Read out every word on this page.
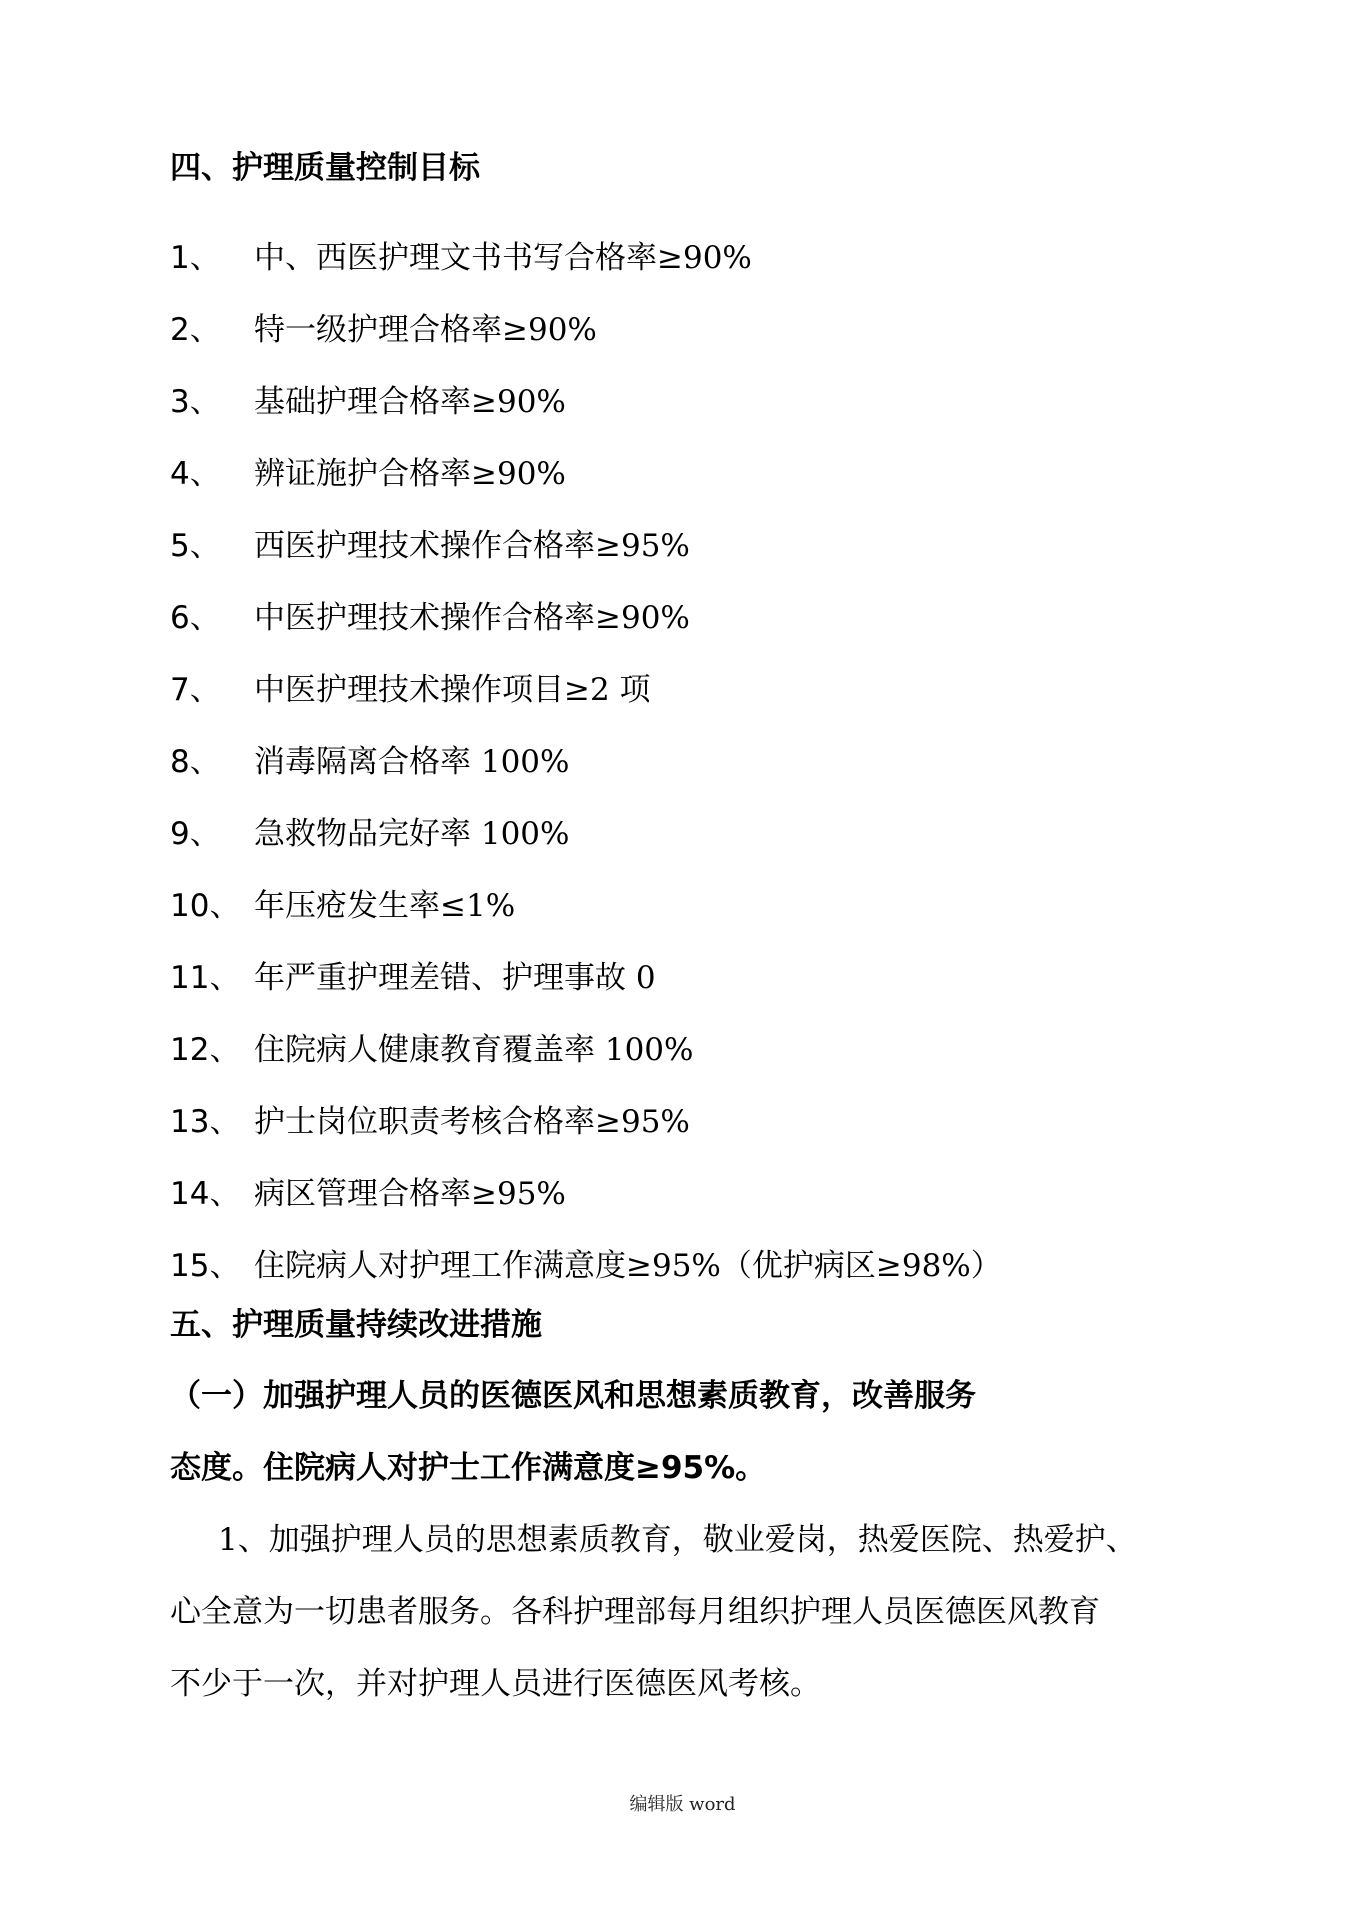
四、护理质量控制目标
1、	中、西医护理文书书写合格率≥90%
2、	特一级护理合格率≥90%
3、	基础护理合格率≥90%
4、	辨证施护合格率≥90%
5、	西医护理技术操作合格率≥95%
6、	中医护理技术操作合格率≥90%
7、	中医护理技术操作项目≥2 项
8、	消毒隔离合格率 100%
9、	急救物品完好率 100%
10、 年压疮发生率≤1%
11、 年严重护理差错、护理事故 0
12、 住院病人健康教育覆盖率 100%
13、 护士岗位职责考核合格率≥95%
14、 病区管理合格率≥95%
15、 住院病人对护理工作满意度≥95%（优护病区≥98%）
五、护理质量持续改进措施
（一）加强护理人员的医德医风和思想素质教育，改善服务
态度。住院病人对护士工作满意度≥95%。
1、加强护理人员的思想素质教育，敬业爱岗，热爱医院、热爱护、
心全意为一切患者服务。各科护理部每月组织护理人员医德医风教育
不少于一次，并对护理人员进行医德医风考核。
编辑版 word
